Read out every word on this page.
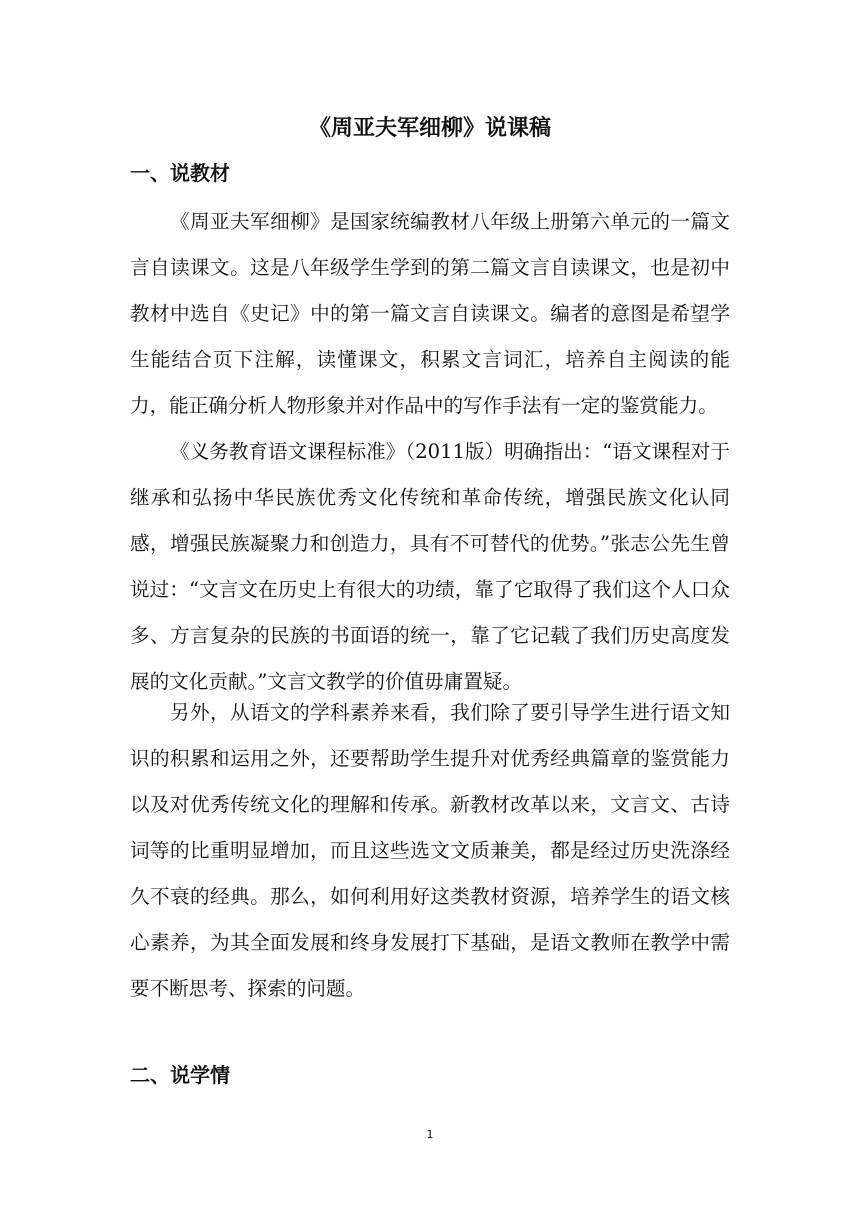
《周亚夫军细柳》说课稿
一、说教材

《周亚夫军细柳》是国家统编教材八年级上册第六单元的一篇文言自读课文。这是八年级学生学到的第二篇文言自读课文，也是初中教材中选自《史记》中的第一篇文言自读课文。编者的意图是希望学生能结合页下注解，读懂课文，积累文言词汇，培养自主阅读的能力，能正确分析人物形象并对作品中的写作手法有一定的鉴赏能力。

《义务教育语文课程标准》（2011版）明确指出：“语文课程对于继承和弘扬中华民族优秀文化传统和革命传统，增强民族文化认同感，增强民族凝聚力和创造力，具有不可替代的优势。”张志公先生曾说过：“文言文在历史上有很大的功绩，靠了它取得了我们这个人口众多、方言复杂的民族的书面语的统一，靠了它记载了我们历史高度发展的文化贡献。”文言文教学的价值毋庸置疑。

另外，从语文的学科素养来看，我们除了要引导学生进行语文知识的积累和运用之外，还要帮助学生提升对优秀经典篇章的鉴赏能力以及对优秀传统文化的理解和传承。新教材改革以来，文言文、古诗词等的比重明显增加，而且这些选文文质兼美，都是经过历史洗涤经久不衰的经典。那么，如何利用好这类教材资源，培养学生的语文核心素养，为其全面发展和终身发展打下基础，是语文教师在教学中需要不断思考、探索的问题。

二、说学情
1
